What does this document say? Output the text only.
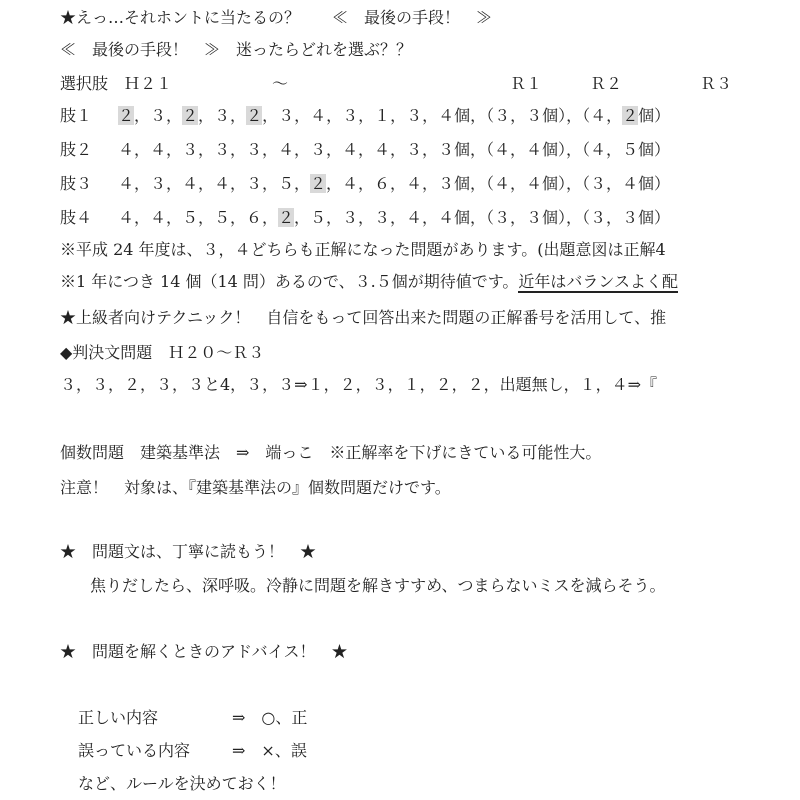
★えっ…それホントに当たるの？　　≪　最後の手段！　≫
≪　最後の手段！　≫　迷ったらどれを選ぶ？？
選択肢　Ｈ２１	～	Ｒ１	Ｒ２	Ｒ３
肢１ ２，３，２，３，２，３，４，３，１，３，４個，（３，３個），（４，２個）
肢２ ４，４，３，３，３，４，３，４，４，３，３個，（４，４個），（４，５個）
肢３ ４，３，４，４，３，５，２，４，６，４，３個，（４，４個），（３，４個）
肢４ ４，４，５，５，６，２，５，３，３，４，４個，（３，３個），（３，３個）
※平成 24 年度は、３，４どちらも正解になった問題があります。(出題意図は正解4
※1 年につき 14 個（14 問）あるので、３.５個が期待値です。近年はバランスよく配
★上級者向けテクニック！　自信をもって回答出来た問題の正解番号を活用して、推
◆判決文問題　Ｈ２０～Ｒ３
３，３，２，３，３と4，３，３⇒１，２，３，１，２，２，出題無し，１，４⇒『
個数問題　建築基準法　⇒　端っこ　※正解率を下げにきている可能性大。
注意！　対象は、『建築基準法の』個数問題だけです。
★　問題文は、丁寧に読もう！　★
焦りだしたら、深呼吸。冷静に問題を解きすすめ、つまらないミスを減らそう。
★　問題を解くときのアドバイス！　★
正しい内容	⇒　○、正
誤っている内容	⇒　×、誤
など、ルールを決めておく！
